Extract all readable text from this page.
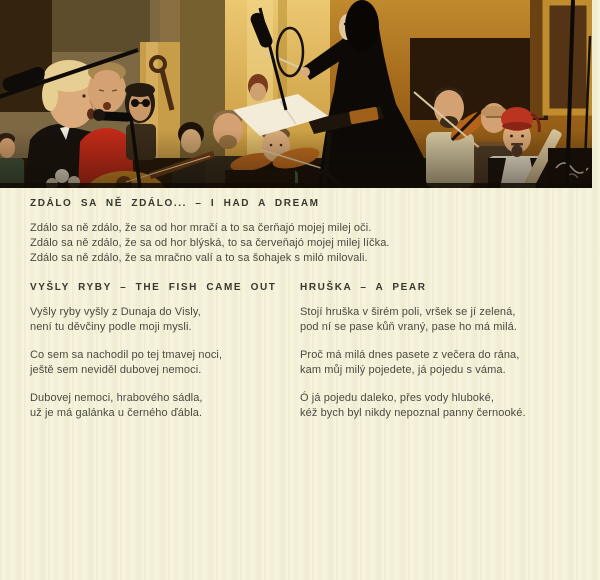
ZDÁLO SA NĚ ZDÁLO... – I HAD A DREAM
Zdálo sa ně zdálo, že sa od hor mračí a to sa čerňajó mojej milej oči.
Zdálo sa ně zdálo, že sa od hor blýská, to sa červeňajó mojej milej líčka.
Zdálo sa ně zdálo, že sa mračno valí a to sa šohajek s miló milovali.
VYŠLY RYBY – THE FISH CAME OUT
Vyšly ryby vyšly z Dunaja do Visly,
není tu děvčiny podle moji mysli.
Co sem sa nachodil po tej tmavej noci,
ještě sem neviděl dubovej nemoci.
Dubovej nemoci, hrabového sádla,
už je má galánka u černého ďábla.
HRUŠKA – A PEAR
Stojí hruška v širém poli, vršek se jí zelená,
pod ní se pase kůň vraný, pase ho má milá.
Proč má milá dnes pasete z večera do rána,
kam můj milý pojedete, já pojedu s váma.
Ó já pojedu daleko, přes vody hluboké,
kéž bych byl nikdy nepoznal panny černooké.
